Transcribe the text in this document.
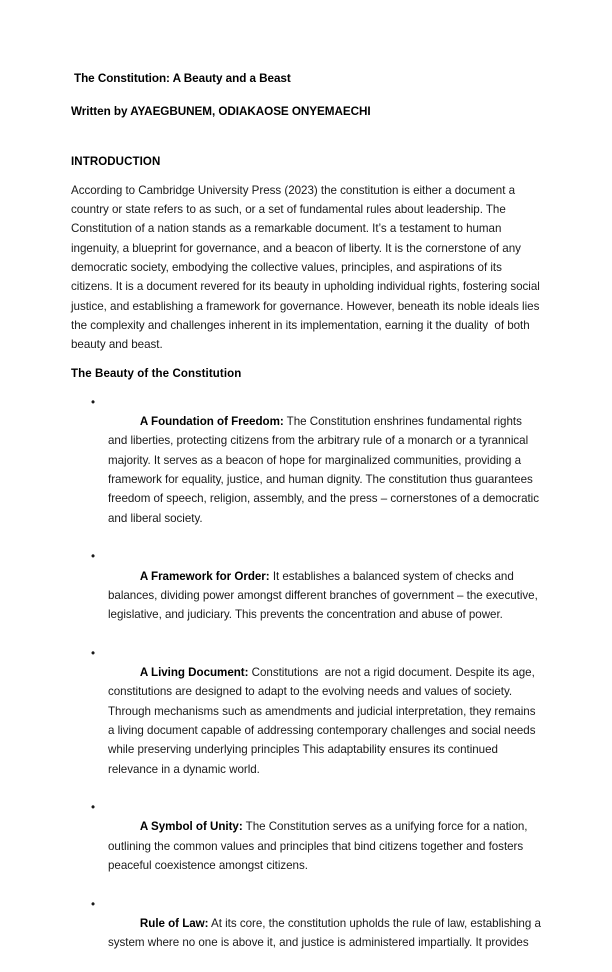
The Constitution: A Beauty and a Beast

Written by AYAEGBUNEM, ODIAKAOSE ONYEMAECHI

INTRODUCTION

According to Cambridge University Press (2023) the constitution is either a document a country or state refers to as such, or a set of fundamental rules about leadership. The Constitution of a nation stands as a remarkable document. It’s a testament to human ingenuity, a blueprint for governance, and a beacon of liberty. It is the cornerstone of any democratic society, embodying the collective values, principles, and aspirations of its citizens. It is a document revered for its beauty in upholding individual rights, fostering social justice, and establishing a framework for governance. However, beneath its noble ideals lies the complexity and challenges inherent in its implementation, earning it the duality  of both beauty and beast.

The Beauty of the Constitution

•
A Foundation of Freedom: The Constitution enshrines fundamental rights and liberties, protecting citizens from the arbitrary rule of a monarch or a tyrannical majority. It serves as a beacon of hope for marginalized communities, providing a framework for equality, justice, and human dignity. The constitution thus guarantees freedom of speech, religion, assembly, and the press – cornerstones of a democratic and liberal society.

•
A Framework for Order: It establishes a balanced system of checks and balances, dividing power amongst different branches of government – the executive, legislative, and judiciary. This prevents the concentration and abuse of power.

•
A Living Document: Constitutions  are not a rigid document. Despite its age, constitutions are designed to adapt to the evolving needs and values of society. Through mechanisms such as amendments and judicial interpretation, they remains a living document capable of addressing contemporary challenges and social needs while preserving underlying principles This adaptability ensures its continued relevance in a dynamic world.

•
A Symbol of Unity: The Constitution serves as a unifying force for a nation, outlining the common values and principles that bind citizens together and fosters peaceful coexistence amongst citizens.

•
Rule of Law: At its core, the constitution upholds the rule of law, establishing a system where no one is above it, and justice is administered impartially. It provides
